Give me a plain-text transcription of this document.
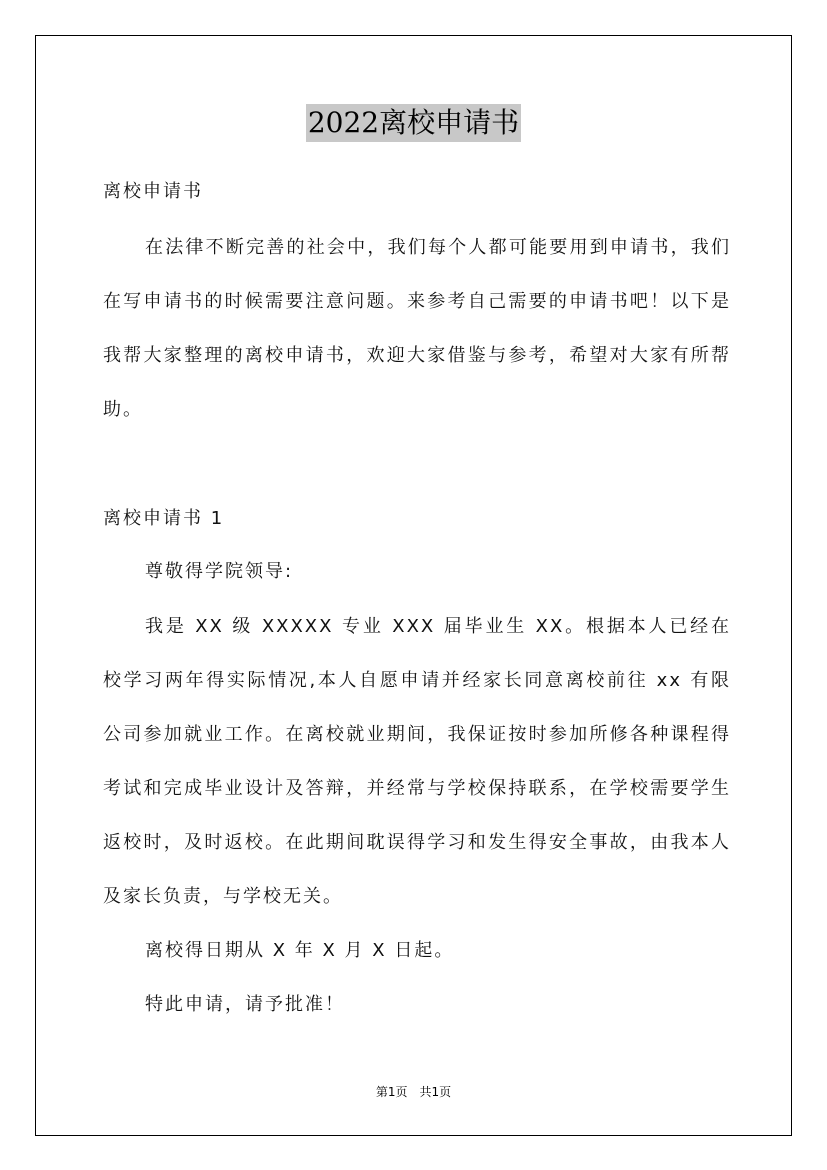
2022离校申请书

离校申请书

在法律不断完善的社会中，我们每个人都可能要用到申请书，我们在写申请书的时候需要注意问题。来参考自己需要的申请书吧！以下是我帮大家整理的离校申请书，欢迎大家借鉴与参考，希望对大家有所帮助。

离校申请书 1

尊敬得学院领导:

我是 XX 级 XXXXX 专业 XXX 届毕业生 XX。根据本人已经在校学习两年得实际情况,本人自愿申请并经家长同意离校前往 xx 有限公司参加就业工作。在离校就业期间，我保证按时参加所修各种课程得考试和完成毕业设计及答辩，并经常与学校保持联系，在学校需要学生返校时，及时返校。在此期间耽误得学习和发生得安全事故，由我本人及家长负责，与学校无关。

离校得日期从 X 年 X 月 X 日起。

特此申请，请予批准！

第1页　共1页
